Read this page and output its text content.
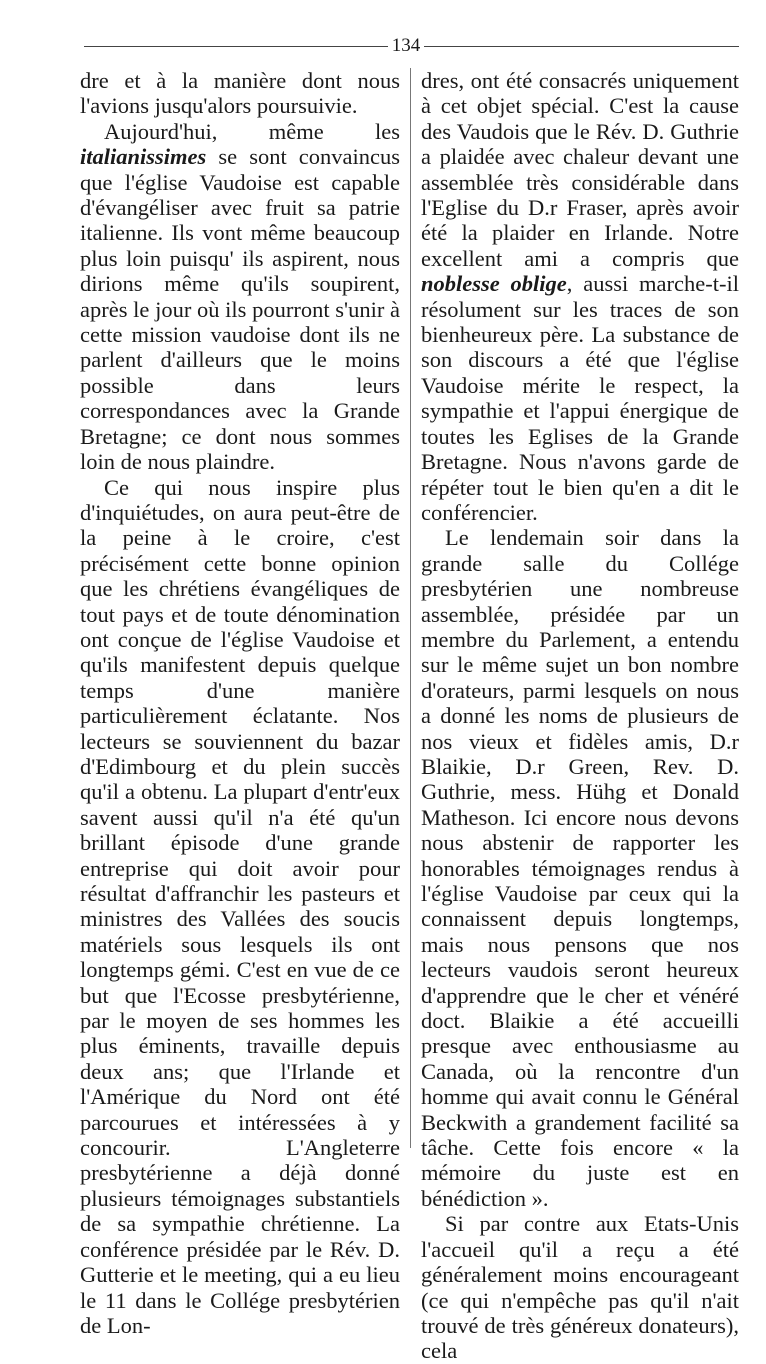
134

dre et à la manière dont nous l'avions jusqu'alors poursuivie.

Aujourd'hui, même les italianissimes se sont convaincus que l'église Vaudoise est capable d'évangéliser avec fruit sa patrie italienne. Ils vont même beaucoup plus loin puisqu' ils aspirent, nous dirions même qu'ils soupirent, après le jour où ils pourront s'unir à cette mission vaudoise dont ils ne parlent d'ailleurs que le moins possible dans leurs correspondances avec la Grande Bretagne; ce dont nous sommes loin de nous plaindre.

Ce qui nous inspire plus d'inquiétudes, on aura peut-être de la peine à le croire, c'est précisément cette bonne opinion que les chrétiens évangéliques de tout pays et de toute dénomination ont conçue de l'église Vaudoise et qu'ils manifestent depuis quelque temps d'une manière particulièrement éclatante. Nos lecteurs se souviennent du bazar d'Edimbourg et du plein succès qu'il a obtenu. La plupart d'entr'eux savent aussi qu'il n'a été qu'un brillant épisode d'une grande entreprise qui doit avoir pour résultat d'affranchir les pasteurs et ministres des Vallées des soucis matériels sous lesquels ils ont longtemps gémi. C'est en vue de ce but que l'Ecosse presbytérienne, par le moyen de ses hommes les plus éminents, travaille depuis deux ans; que l'Irlande et l'Amérique du Nord ont été parcourues et intéressées à y concourir. L'Angleterre presbytérienne a déjà donné plusieurs témoignages substantiels de sa sympathie chrétienne. La conférence présidée par le Rév. D. Gutterie et le meeting, qui a eu lieu le 11 dans le Collége presbytérien de Lon-

dres, ont été consacrés uniquement à cet objet spécial. C'est la cause des Vaudois que le Rév. D. Guthrie a plaidée avec chaleur devant une assemblée très considérable dans l'Eglise du D.r Fraser, après avoir été la plaider en Irlande. Notre excellent ami a compris que noblesse oblige, aussi marche-t-il résolument sur les traces de son bienheureux père. La substance de son discours a été que l'église Vaudoise mérite le respect, la sympathie et l'appui énergique de toutes les Eglises de la Grande Bretagne. Nous n'avons garde de répéter tout le bien qu'en a dit le conférencier.

Le lendemain soir dans la grande salle du Collége presbytérien une nombreuse assemblée, présidée par un membre du Parlement, a entendu sur le même sujet un bon nombre d'orateurs, parmi lesquels on nous a donné les noms de plusieurs de nos vieux et fidèles amis, D.r Blaikie, D.r Green, Rev. D. Guthrie, mess. Hühg et Donald Matheson. Ici encore nous devons nous abstenir de rapporter les honorables témoignages rendus à l'église Vaudoise par ceux qui la connaissent depuis longtemps, mais nous pensons que nos lecteurs vaudois seront heureux d'apprendre que le cher et vénéré doct. Blaikie a été accueilli presque avec enthousiasme au Canada, où la rencontre d'un homme qui avait connu le Général Beckwith a grandement facilité sa tâche. Cette fois encore « la mémoire du juste est en bénédiction ».

Si par contre aux Etats-Unis l'accueil qu'il a reçu a été généralement moins encourageant (ce qui n'empêche pas qu'il n'ait trouvé de très généreux donateurs), cela
